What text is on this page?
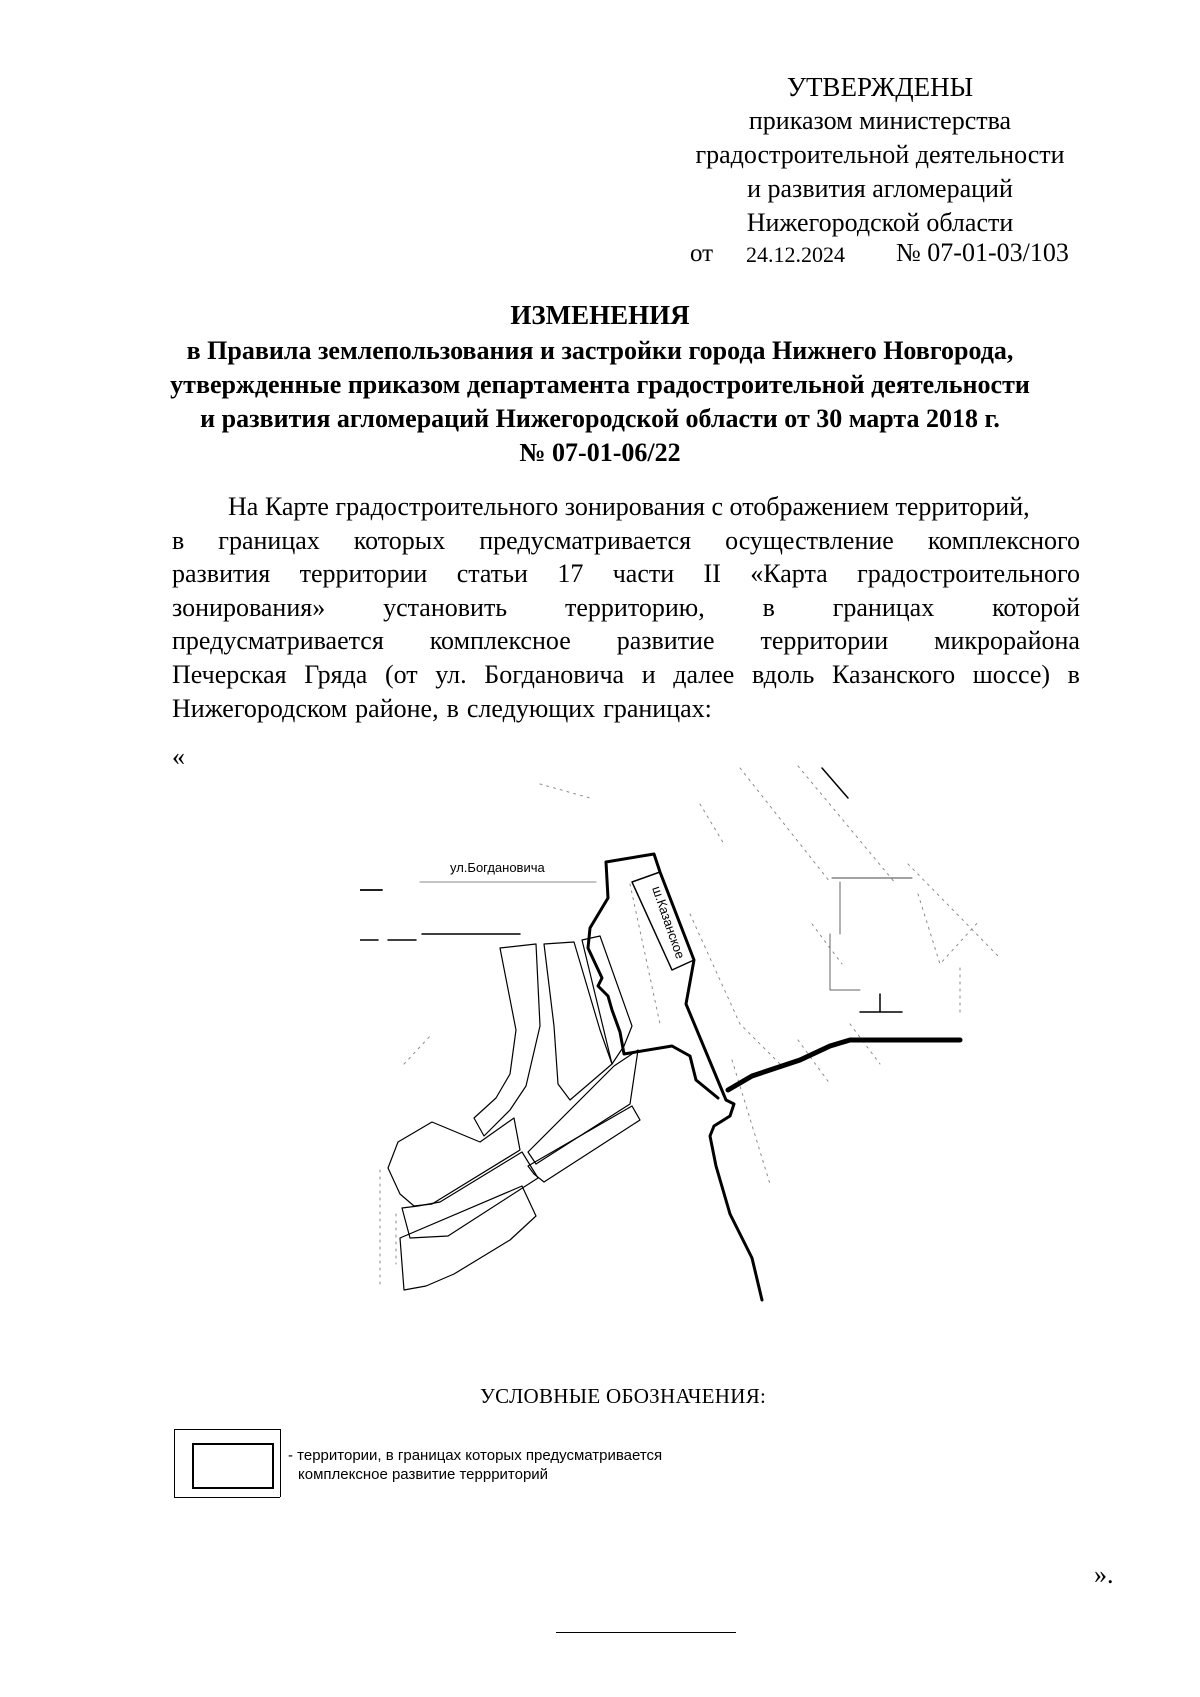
УТВЕРЖДЕНЫ
приказом министерства
градостроительной деятельности
и развития агломераций
Нижегородской области
от 24.12.2024 № 07-01-03/103
ИЗМЕНЕНИЯ
в Правила землепользования и застройки города Нижнего Новгорода,
утвержденные приказом департамента градостроительной деятельности
и развития агломераций Нижегородской области от 30 марта 2018 г.
№ 07-01-06/22
На Карте градостроительного зонирования с отображением территорий,
в границах которых предусматривается осуществление комплексного
развития территории статьи 17 части II «Карта градостроительного
зонирования» установить территорию, в границах которой
предусматривается комплексное развитие территории микрорайона
Печерская Гряда (от ул. Богдановича и далее вдоль Казанского шоссе) в
Нижегородском районе, в следующих границах:
«
ул.Богдановича
ш.Казанское
УСЛОВНЫЕ ОБОЗНАЧЕНИЯ:
- территории, в границах которых предусматривается
комплексное развитие террриторий
».
